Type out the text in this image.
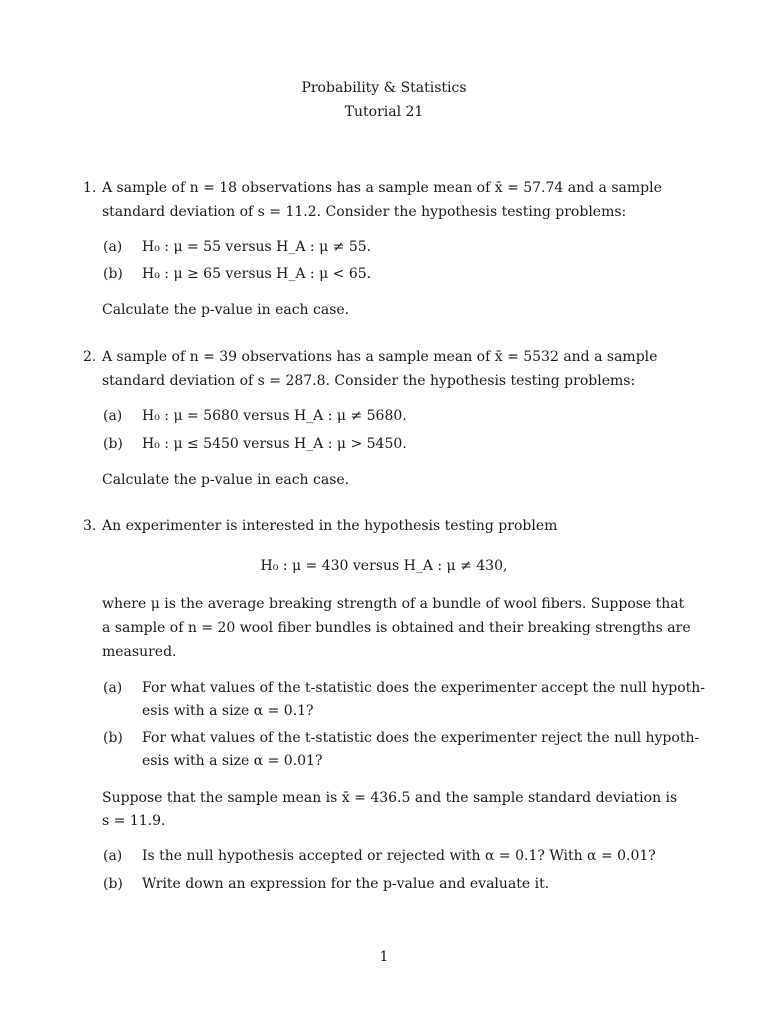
Probability & Statistics
Tutorial 21
1. A sample of n = 18 observations has a sample mean of x̄ = 57.74 and a sample
standard deviation of s = 11.2. Consider the hypothesis testing problems:
(a) H₀ : μ = 55 versus H_A : μ ≠ 55.
(b) H₀ : μ ≥ 65 versus H_A : μ < 65.
Calculate the p-value in each case.
2. A sample of n = 39 observations has a sample mean of x̄ = 5532 and a sample
standard deviation of s = 287.8. Consider the hypothesis testing problems:
(a) H₀ : μ = 5680 versus H_A : μ ≠ 5680.
(b) H₀ : μ ≤ 5450 versus H_A : μ > 5450.
Calculate the p-value in each case.
3. An experimenter is interested in the hypothesis testing problem
H₀ : μ = 430 versus H_A : μ ≠ 430,
where μ is the average breaking strength of a bundle of wool fibers. Suppose that
a sample of n = 20 wool fiber bundles is obtained and their breaking strengths are
measured.
(a) For what values of the t-statistic does the experimenter accept the null hypoth-
esis with a size α = 0.1?
(b) For what values of the t-statistic does the experimenter reject the null hypoth-
esis with a size α = 0.01?
Suppose that the sample mean is x̄ = 436.5 and the sample standard deviation is
s = 11.9.
(a) Is the null hypothesis accepted or rejected with α = 0.1? With α = 0.01?
(b) Write down an expression for the p-value and evaluate it.
1
